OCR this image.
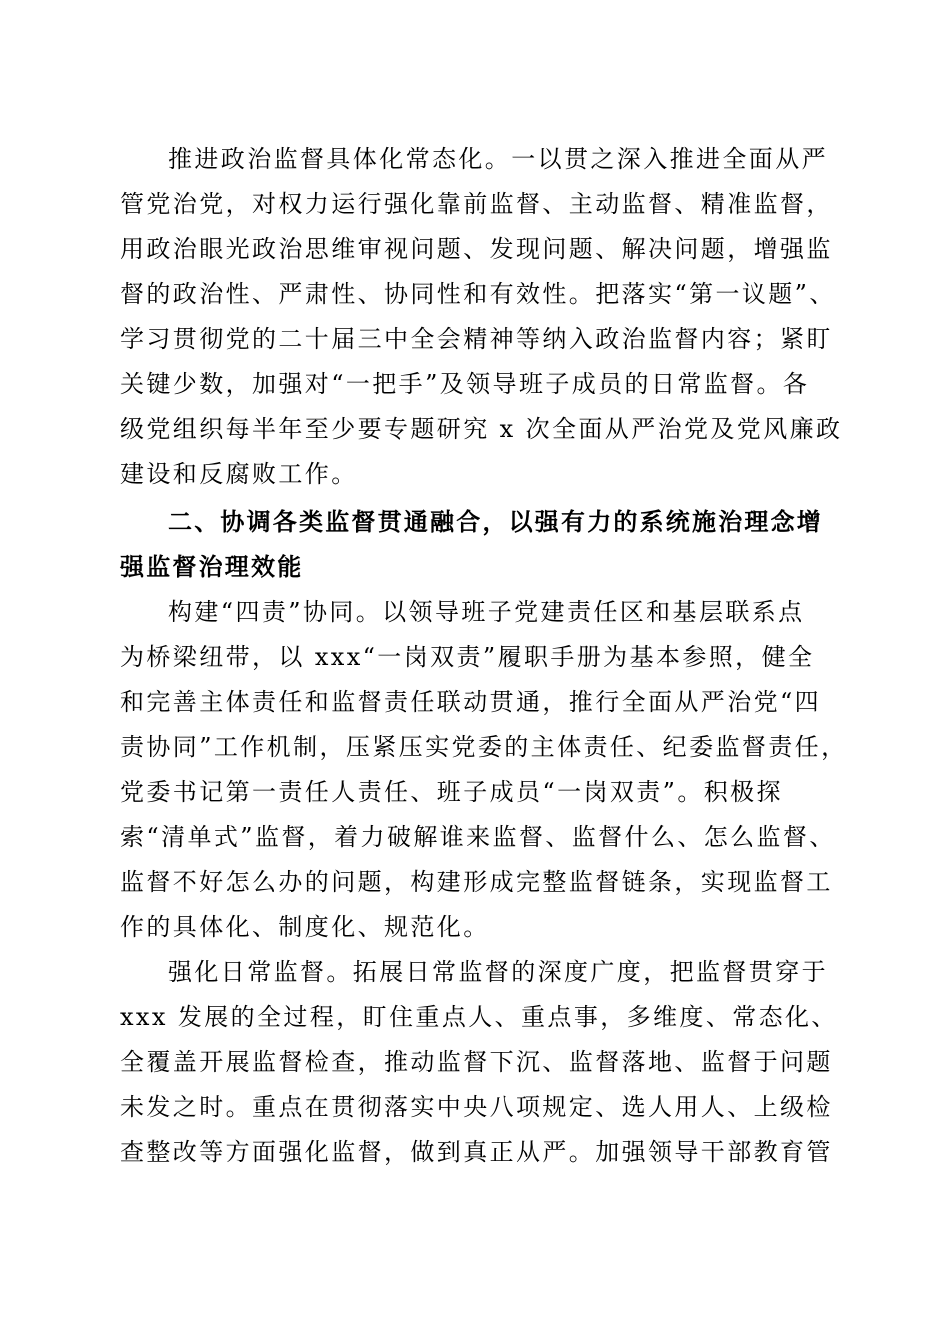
推进政治监督具体化常态化。一以贯之深入推进全面从严

管党治党，对权力运行强化靠前监督、主动监督、精准监督，

用政治眼光政治思维审视问题、发现问题、解决问题，增强监

督的政治性、严肃性、协同性和有效性。把落实“第一议题”、

学习贯彻党的二十届三中全会精神等纳入政治监督内容；紧盯

关键少数，加强对“一把手”及领导班子成员的日常监督。各

级党组织每半年至少要专题研究 x 次全面从严治党及党风廉政

建设和反腐败工作。

二、协调各类监督贯通融合，以强有力的系统施治理念增

强监督治理效能

构建“四责”协同。以领导班子党建责任区和基层联系点

为桥梁纽带，以 xxx“一岗双责”履职手册为基本参照，健全

和完善主体责任和监督责任联动贯通，推行全面从严治党“四

责协同”工作机制，压紧压实党委的主体责任、纪委监督责任，

党委书记第一责任人责任、班子成员“一岗双责”。积极探

索“清单式”监督，着力破解谁来监督、监督什么、怎么监督、

监督不好怎么办的问题，构建形成完整监督链条，实现监督工

作的具体化、制度化、规范化。

强化日常监督。拓展日常监督的深度广度，把监督贯穿于

xxx 发展的全过程，盯住重点人、重点事，多维度、常态化、

全覆盖开展监督检查，推动监督下沉、监督落地、监督于问题

未发之时。重点在贯彻落实中央八项规定、选人用人、上级检

查整改等方面强化监督，做到真正从严。加强领导干部教育管
